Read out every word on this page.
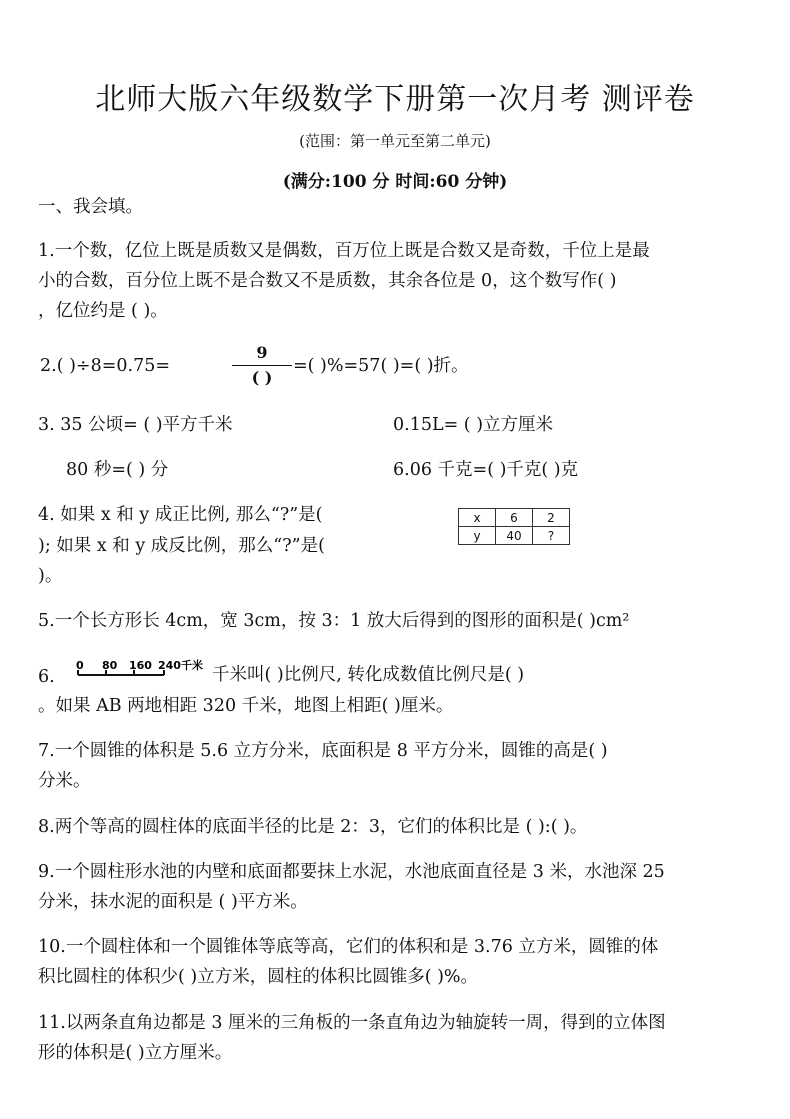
北师大版六年级数学下册第一次月考 测评卷
(范围：第一单元至第二单元)
(满分:100 分 时间:60 分钟)
一、我会填。
1.一个数，亿位上既是质数又是偶数，百万位上既是合数又是奇数，千位上是最
小的合数，百分位上既不是合数又不是质数，其余各位是 0，这个数写作( )
，亿位约是 ( )。
2.( )÷8=0.75=
9
( )
=( )%=57( )=( )折。
3. 35 公顷= ( )平方千米	0.15L= ( )立方厘米
80 秒=( ) 分	6.06 千克=( )千克( )克
4. 如果 x 和 y 成正比例, 那么“?”是(
); 如果 x 和 y 成反比例，那么“?”是(
)。
x	6	2
y	40	?
5.一个长方形长 4cm，宽 3cm，按 3：1 放大后得到的图形的面积是( )cm²
6.
0 80 160 240千米 千米叫( )比例尺, 转化成数值比例尺是( )
。如果 AB 两地相距 320 千米，地图上相距( )厘米。
7.一个圆锥的体积是 5.6 立方分米，底面积是 8 平方分米，圆锥的高是( )
分米。
8.两个等高的圆柱体的底面半径的比是 2：3，它们的体积比是 ( ):( )。
9.一个圆柱形水池的内壁和底面都要抹上水泥，水池底面直径是 3 米，水池深 25
分米，抹水泥的面积是 ( )平方米。
10.一个圆柱体和一个圆锥体等底等高，它们的体积和是 3.76 立方米，圆锥的体
积比圆柱的体积少( )立方米，圆柱的体积比圆锥多( )%。
11.以两条直角边都是 3 厘米的三角板的一条直角边为轴旋转一周，得到的立体图
形的体积是( )立方厘米。
